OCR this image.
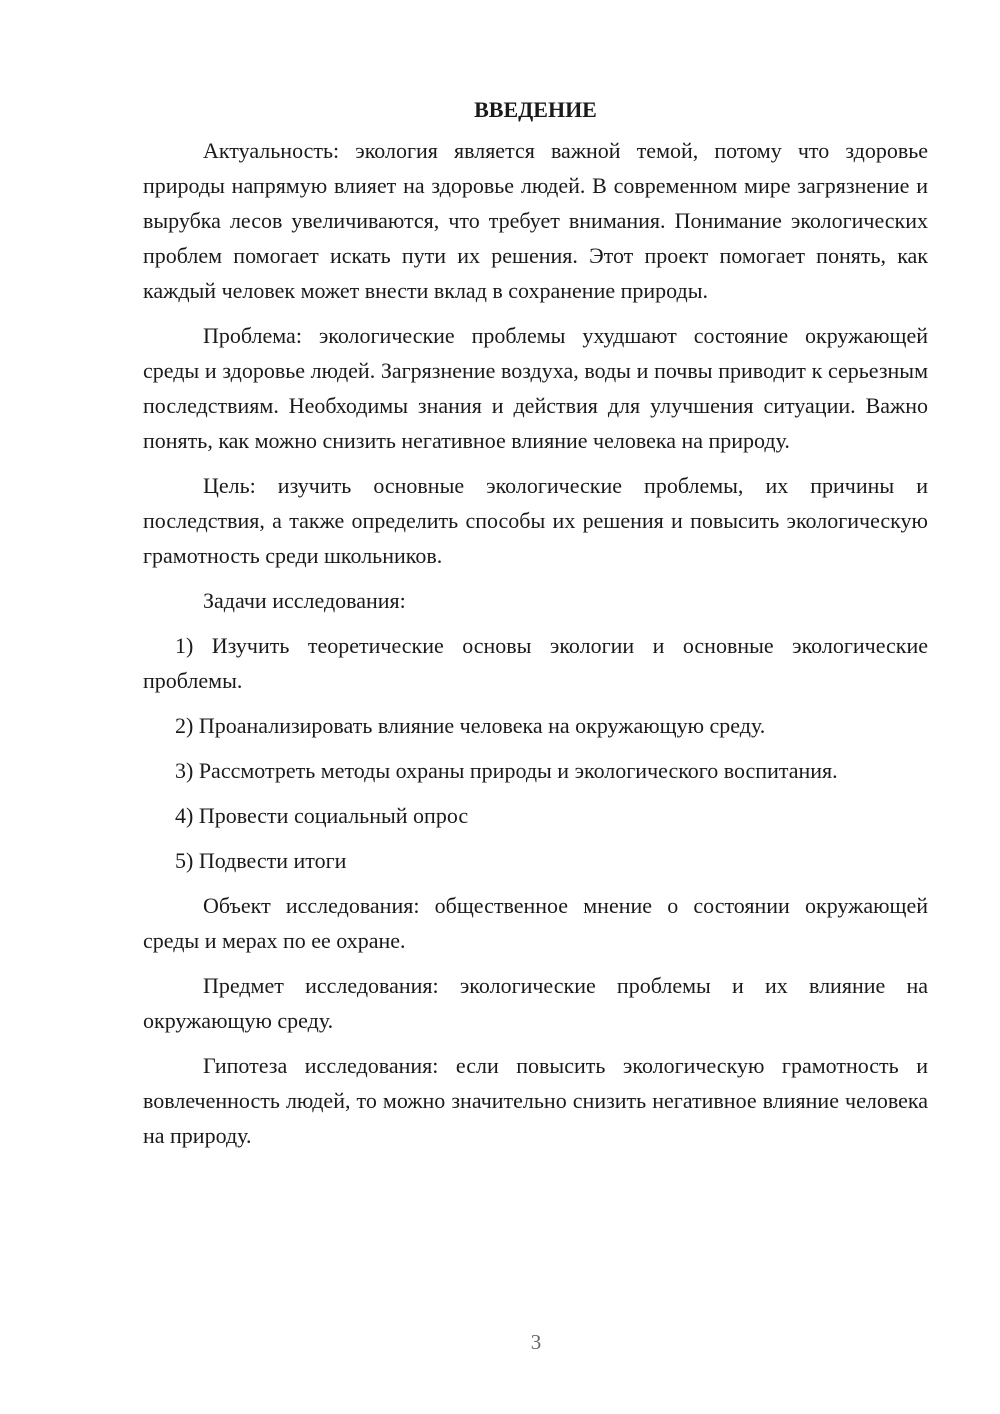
ВВЕДЕНИЕ

Актуальность: экология является важной темой, потому что здоровье природы напрямую влияет на здоровье людей. В современном мире загрязнение и вырубка лесов увеличиваются, что требует внимания. Понимание экологических проблем помогает искать пути их решения. Этот проект помогает понять, как каждый человек может внести вклад в сохранение природы.

Проблема: экологические проблемы ухудшают состояние окружающей среды и здоровье людей. Загрязнение воздуха, воды и почвы приводит к серьезным последствиям. Необходимы знания и действия для улучшения ситуации. Важно понять, как можно снизить негативное влияние человека на природу.

Цель: изучить основные экологические проблемы, их причины и последствия, а также определить способы их решения и повысить экологическую грамотность среди школьников.

Задачи исследования:

1) Изучить теоретические основы экологии и основные экологические проблемы.

2) Проанализировать влияние человека на окружающую среду.

3) Рассмотреть методы охраны природы и экологического воспитания.

4) Провести социальный опрос

5) Подвести итоги

Объект исследования: общественное мнение о состоянии окружающей среды и мерах по ее охране.

Предмет исследования: экологические проблемы и их влияние на окружающую среду.

Гипотеза исследования: если повысить экологическую грамотность и вовлеченность людей, то можно значительно снизить негативное влияние человека на природу.

3
